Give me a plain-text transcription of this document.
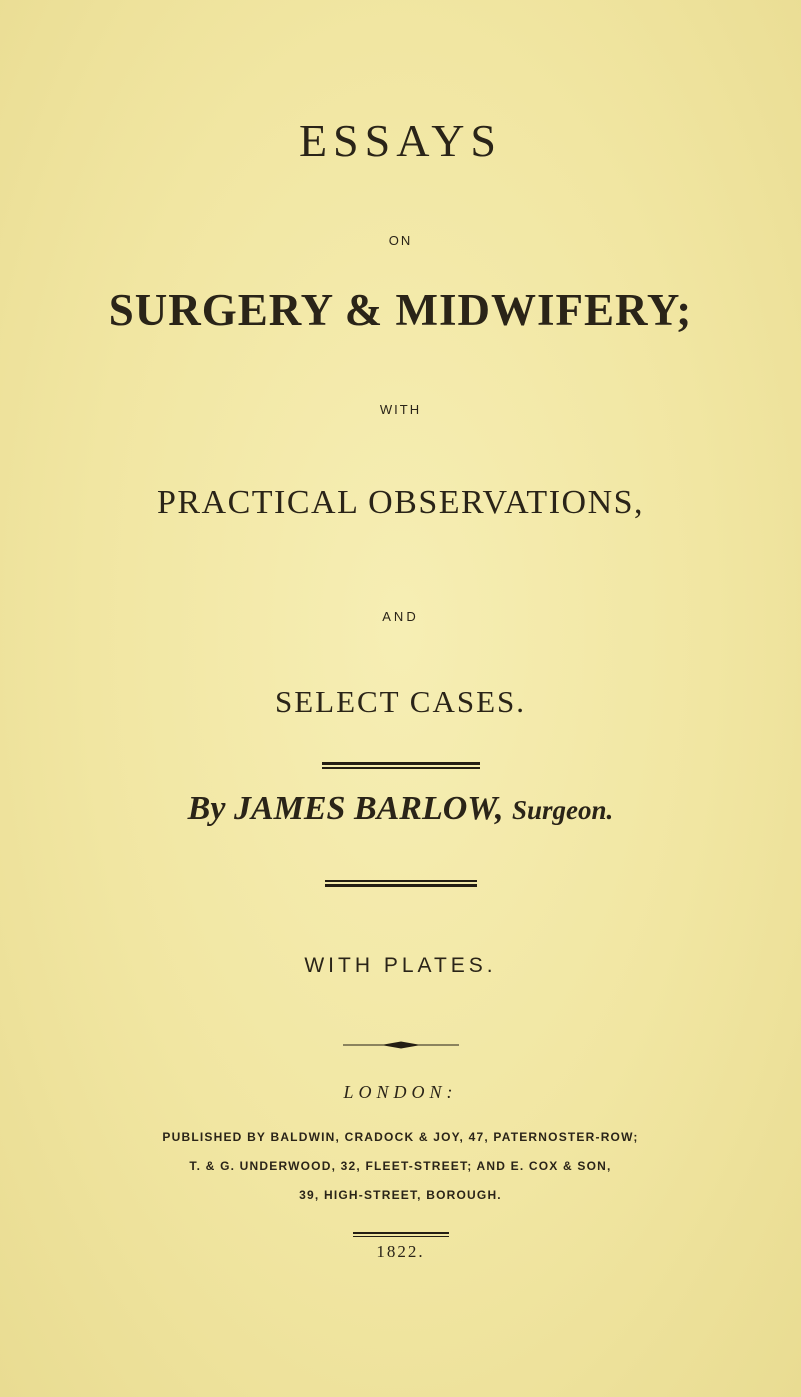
ESSAYS
ON
SURGERY & MIDWIFERY;
WITH
PRACTICAL OBSERVATIONS,
AND
SELECT CASES.
By JAMES BARLOW, Surgeon.
WITH PLATES.
LONDON:
PUBLISHED BY BALDWIN, CRADOCK & JOY, 47, PATERNOSTER-ROW;
T. & G. UNDERWOOD, 32, FLEET-STREET; AND E. COX & SON,
39, HIGH-STREET, BOROUGH.
1822.
